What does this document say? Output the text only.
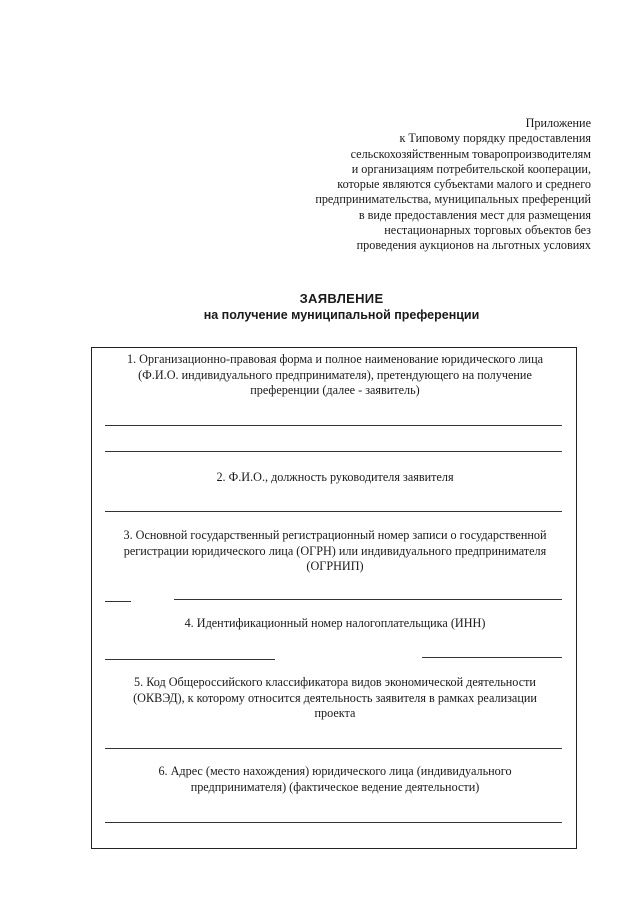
Приложение
к Типовому порядку предоставления
сельскохозяйственным товаропроизводителям
и организациям потребительской кооперации,
которые являются субъектами малого и среднего
предпринимательства, муниципальных преференций
в виде предоставления мест для размещения
нестационарных торговых объектов без
проведения аукционов на льготных условиях
ЗАЯВЛЕНИЕ
на получение муниципальной преференции
1. Организационно-правовая форма и полное наименование юридического лица
(Ф.И.О. индивидуального предпринимателя), претендующего на получение
преференции (далее - заявитель)
2. Ф.И.О., должность руководителя заявителя
3. Основной государственный регистрационный номер записи о государственной
регистрации юридического лица (ОГРН) или индивидуального предпринимателя
(ОГРНИП)
4. Идентификационный номер налогоплательщика (ИНН)
5. Код Общероссийского классификатора видов экономической деятельности
(ОКВЭД), к которому относится деятельность заявителя в рамках реализации
проекта
6. Адрес (место нахождения) юридического лица (индивидуального
предпринимателя) (фактическое ведение деятельности)
